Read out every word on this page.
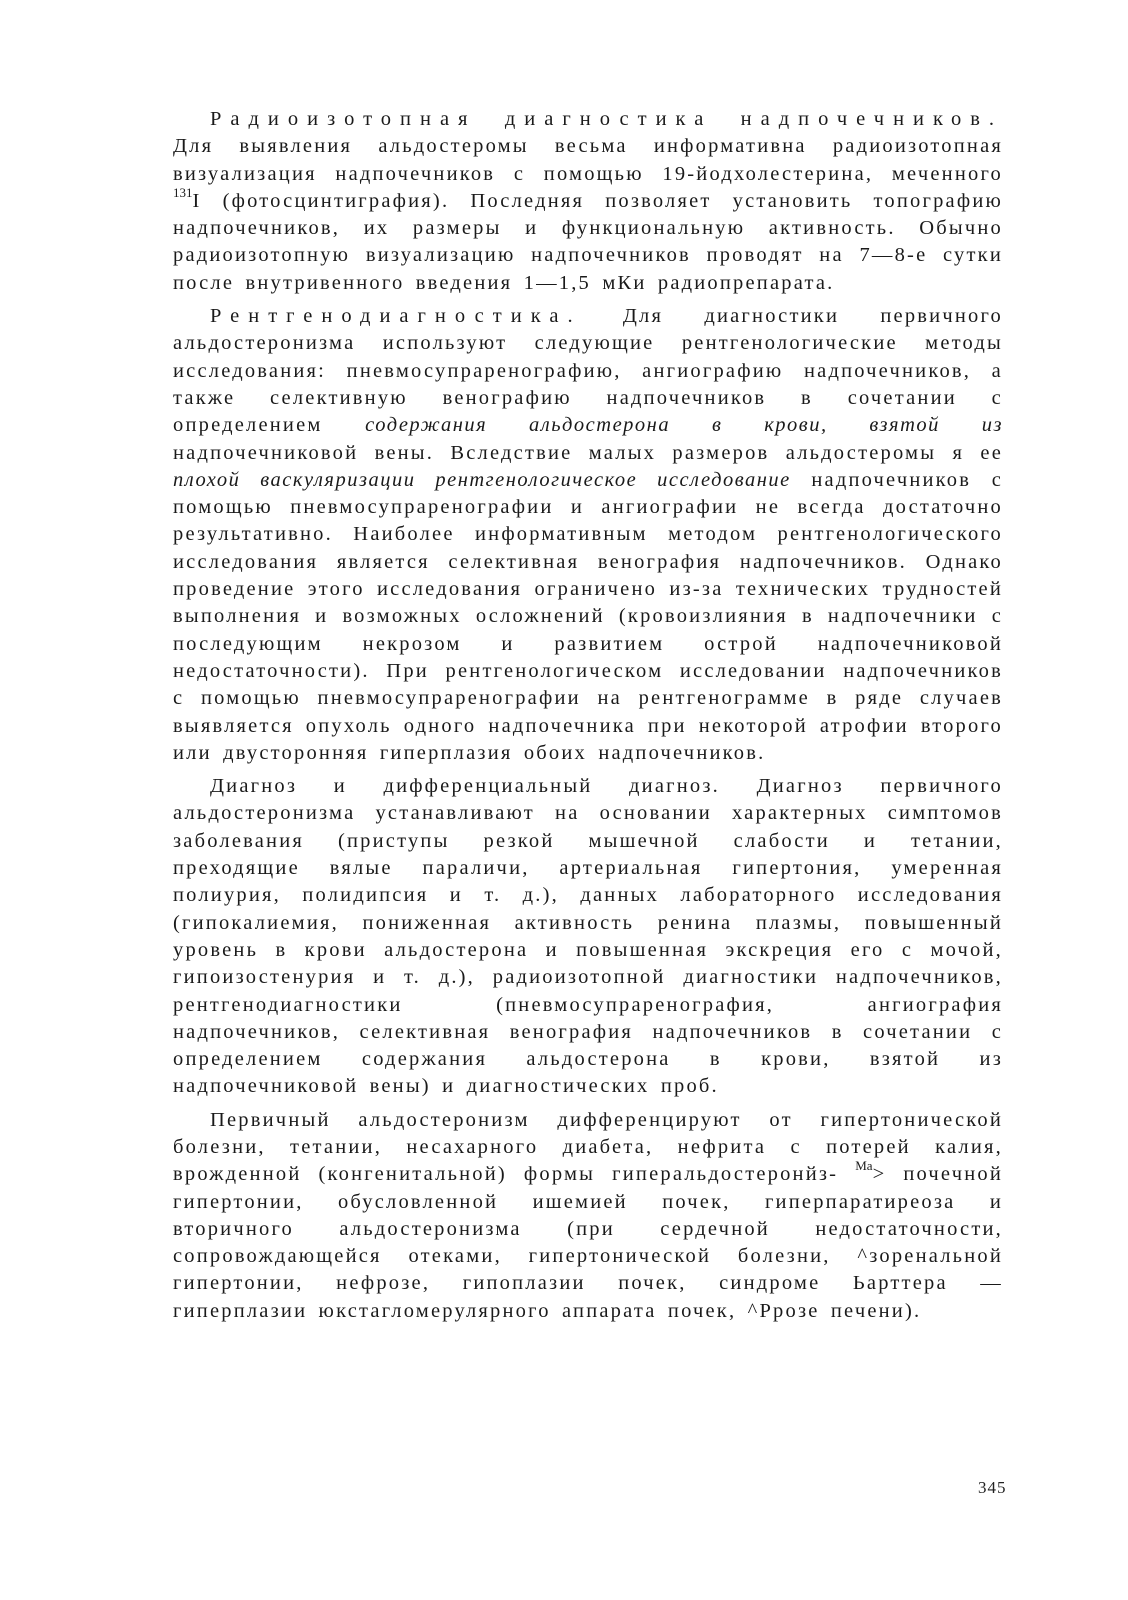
Радиоизотопная диагностика надпочечников. Для выявления альдостеромы весьма информативна радиоизотопная визуализация надпочечников с помощью 19-йодхолестерина, меченного $^{131}$I (фотосцинтиграфия). Последняя позволяет установить топографию надпочечников, их размеры и функциональную активность. Обычно радиоизотопную визуализацию надпочечников проводят на 7—8-е сутки после внутривенного введения 1—1,5 мКи радиопрепарата.

Рентгенодиагностика. Для диагностики первичного альдостеронизма используют следующие рентгенологические методы исследования: пневмосупраренографию, ангиографию надпочечников, а также селективную венографию надпочечников в сочетании с определением содержания альдостерона в крови, взятой из надпочечниковой вены. Вследствие малых размеров альдостеромы я ее плохой васкуляризации рентгенологическое исследование надпочечников с помощью пневмосупраренографии и ангиографии не всегда достаточно результативно. Наиболее информативным методом рентгенологического исследования является селективная венография надпочечников. Однако проведение этого исследования ограничено из-за технических трудностей выполнения и возможных осложнений (кровоизлияния в надпочечники с последующим некрозом и развитием острой надпочечниковой недостаточности). При рентгенологическом исследовании надпочечников с помощью пневмосупраренографии на рентгенограмме в ряде случаев выявляется опухоль одного надпочечника при некоторой атрофии второго или двусторонняя гиперплазия обоих надпочечников.

Диагноз и дифференциальный диагноз. Диагноз первичного альдостеронизма устанавливают на основании характерных симптомов заболевания (приступы резкой мышечной слабости и тетании, преходящие вялые параличи, артериальная гипертония, умеренная полиурия, полидипсия и т. д.), данных лабораторного исследования (гипокалиемия, пониженная активность ренина плазмы, повышенный уровень в крови альдостерона и повышенная экскреция его с мочой, гипоизостенурия и т. д.), радиоизотопной диагностики надпочечников, рентгенодиагностики (пневмосупраренография, ангиография надпочечников, селективная венография надпочечников в сочетании с определением содержания альдостерона в крови, взятой из надпочечниковой вены) и диагностических проб.

Первичный альдостеронизм дифференцируют от гипертонической болезни, тетании, несахарного диабета, нефрита с потерей калия, врожденной (конгенитальной) формы гиперальдостеронйз- $^{Ма}$> почечной гипертонии, обусловленной ишемией почек, гиперпаратиреоза и вторичного альдостеронизма (при сердечной недостаточности, сопровождающейся отеками, гипертонической болезни, ^зоренальной гипертонии, нефрозе, гипоплазии почек, синдроме Ьарттера — гиперплазии юкстагломерулярного аппарата почек, ^Ррозе печени).

345
